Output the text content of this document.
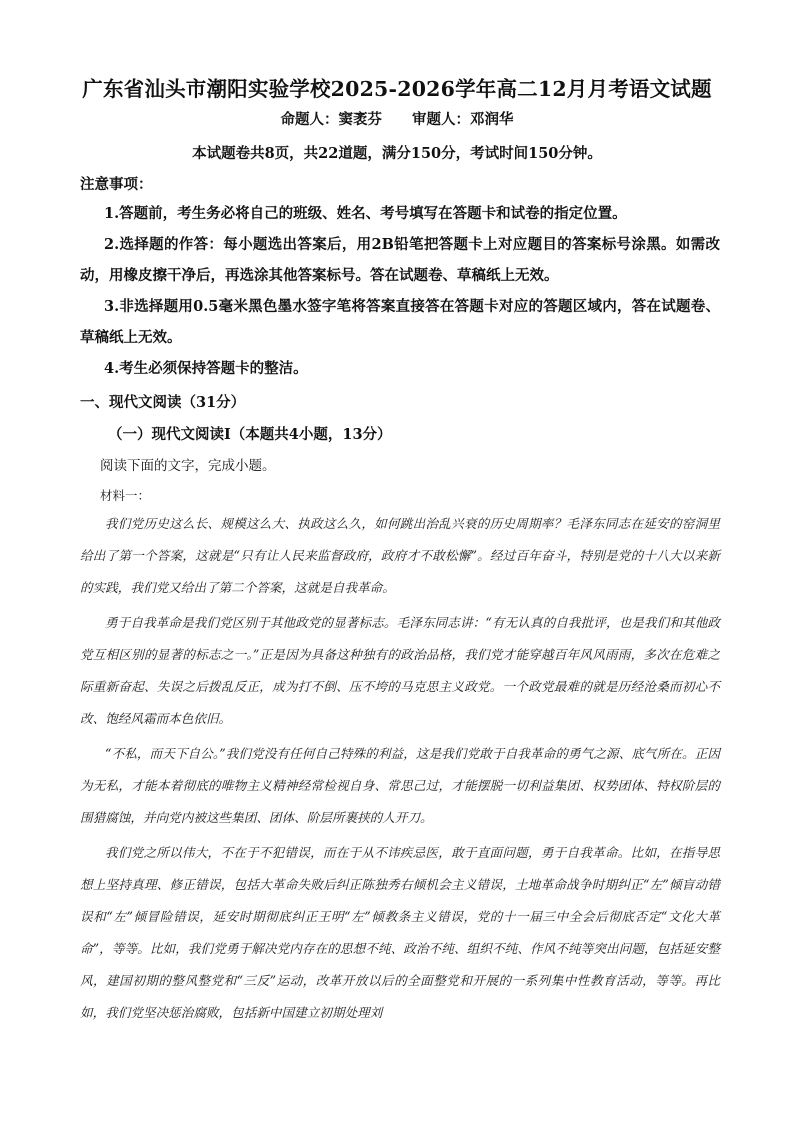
广东省汕头市潮阳实验学校2025-2026学年高二12月月考语文试题
命题人：窦袤芬 审题人：邓润华
本试题卷共8页，共22道题，满分150分，考试时间150分钟。
注意事项：

1.答题前，考生务必将自己的班级、姓名、考号填写在答题卡和试卷的指定位置。

2.选择题的作答：每小题选出答案后，用2B铅笔把答题卡上对应题目的答案标号涂黑。如需改动，用橡皮擦干净后，再选涂其他答案标号。答在试题卷、草稿纸上无效。

3.非选择题用0.5毫米黑色墨水签字笔将答案直接答在答题卡对应的答题区域内，答在试题卷、草稿纸上无效。

4.考生必须保持答题卡的整洁。

一、现代文阅读（31分）
（一）现代文阅读Ⅰ（本题共4小题，13分）
阅读下面的文字，完成小题。
材料一：

我们党历史这么长、规模这么大、执政这么久，如何跳出治乱兴衰的历史周期率？毛泽东同志在延安的窑洞里给出了第一个答案，这就是“只有让人民来监督政府，政府才不敢松懈”。经过百年奋斗，特别是党的十八大以来新的实践，我们党又给出了第二个答案，这就是自我革命。

勇于自我革命是我们党区别于其他政党的显著标志。毛泽东同志讲：“有无认真的自我批评，也是我们和其他政党互相区别的显著的标志之一。”正是因为具备这种独有的政治品格，我们党才能穿越百年风风雨雨，多次在危难之际重新奋起、失误之后拨乱反正，成为打不倒、压不垮的马克思主义政党。一个政党最难的就是历经沧桑而初心不改、饱经风霜而本色依旧。

“不私，而天下自公。”我们党没有任何自己特殊的利益，这是我们党敢于自我革命的勇气之源、底气所在。正因为无私，才能本着彻底的唯物主义精神经常检视自身、常思己过，才能摆脱一切利益集团、权势团体、特权阶层的围猎腐蚀，并向党内被这些集团、团体、阶层所裹挟的人开刀。

我们党之所以伟大，不在于不犯错误，而在于从不讳疾忌医，敢于直面问题，勇于自我革命。比如，在指导思想上坚持真理、修正错误，包括大革命失败后纠正陈独秀右倾机会主义错误，土地革命战争时期纠正“左”倾盲动错误和“左”倾冒险错误，延安时期彻底纠正王明“左”倾教条主义错误，党的十一届三中全会后彻底否定“文化大革命”，等等。比如，我们党勇于解决党内存在的思想不纯、政治不纯、组织不纯、作风不纯等突出问题，包括延安整风，建国初期的整风整党和“三反”运动，改革开放以后的全面整党和开展的一系列集中性教育活动，等等。再比如，我们党坚决惩治腐败，包括新中国建立初期处理刘
